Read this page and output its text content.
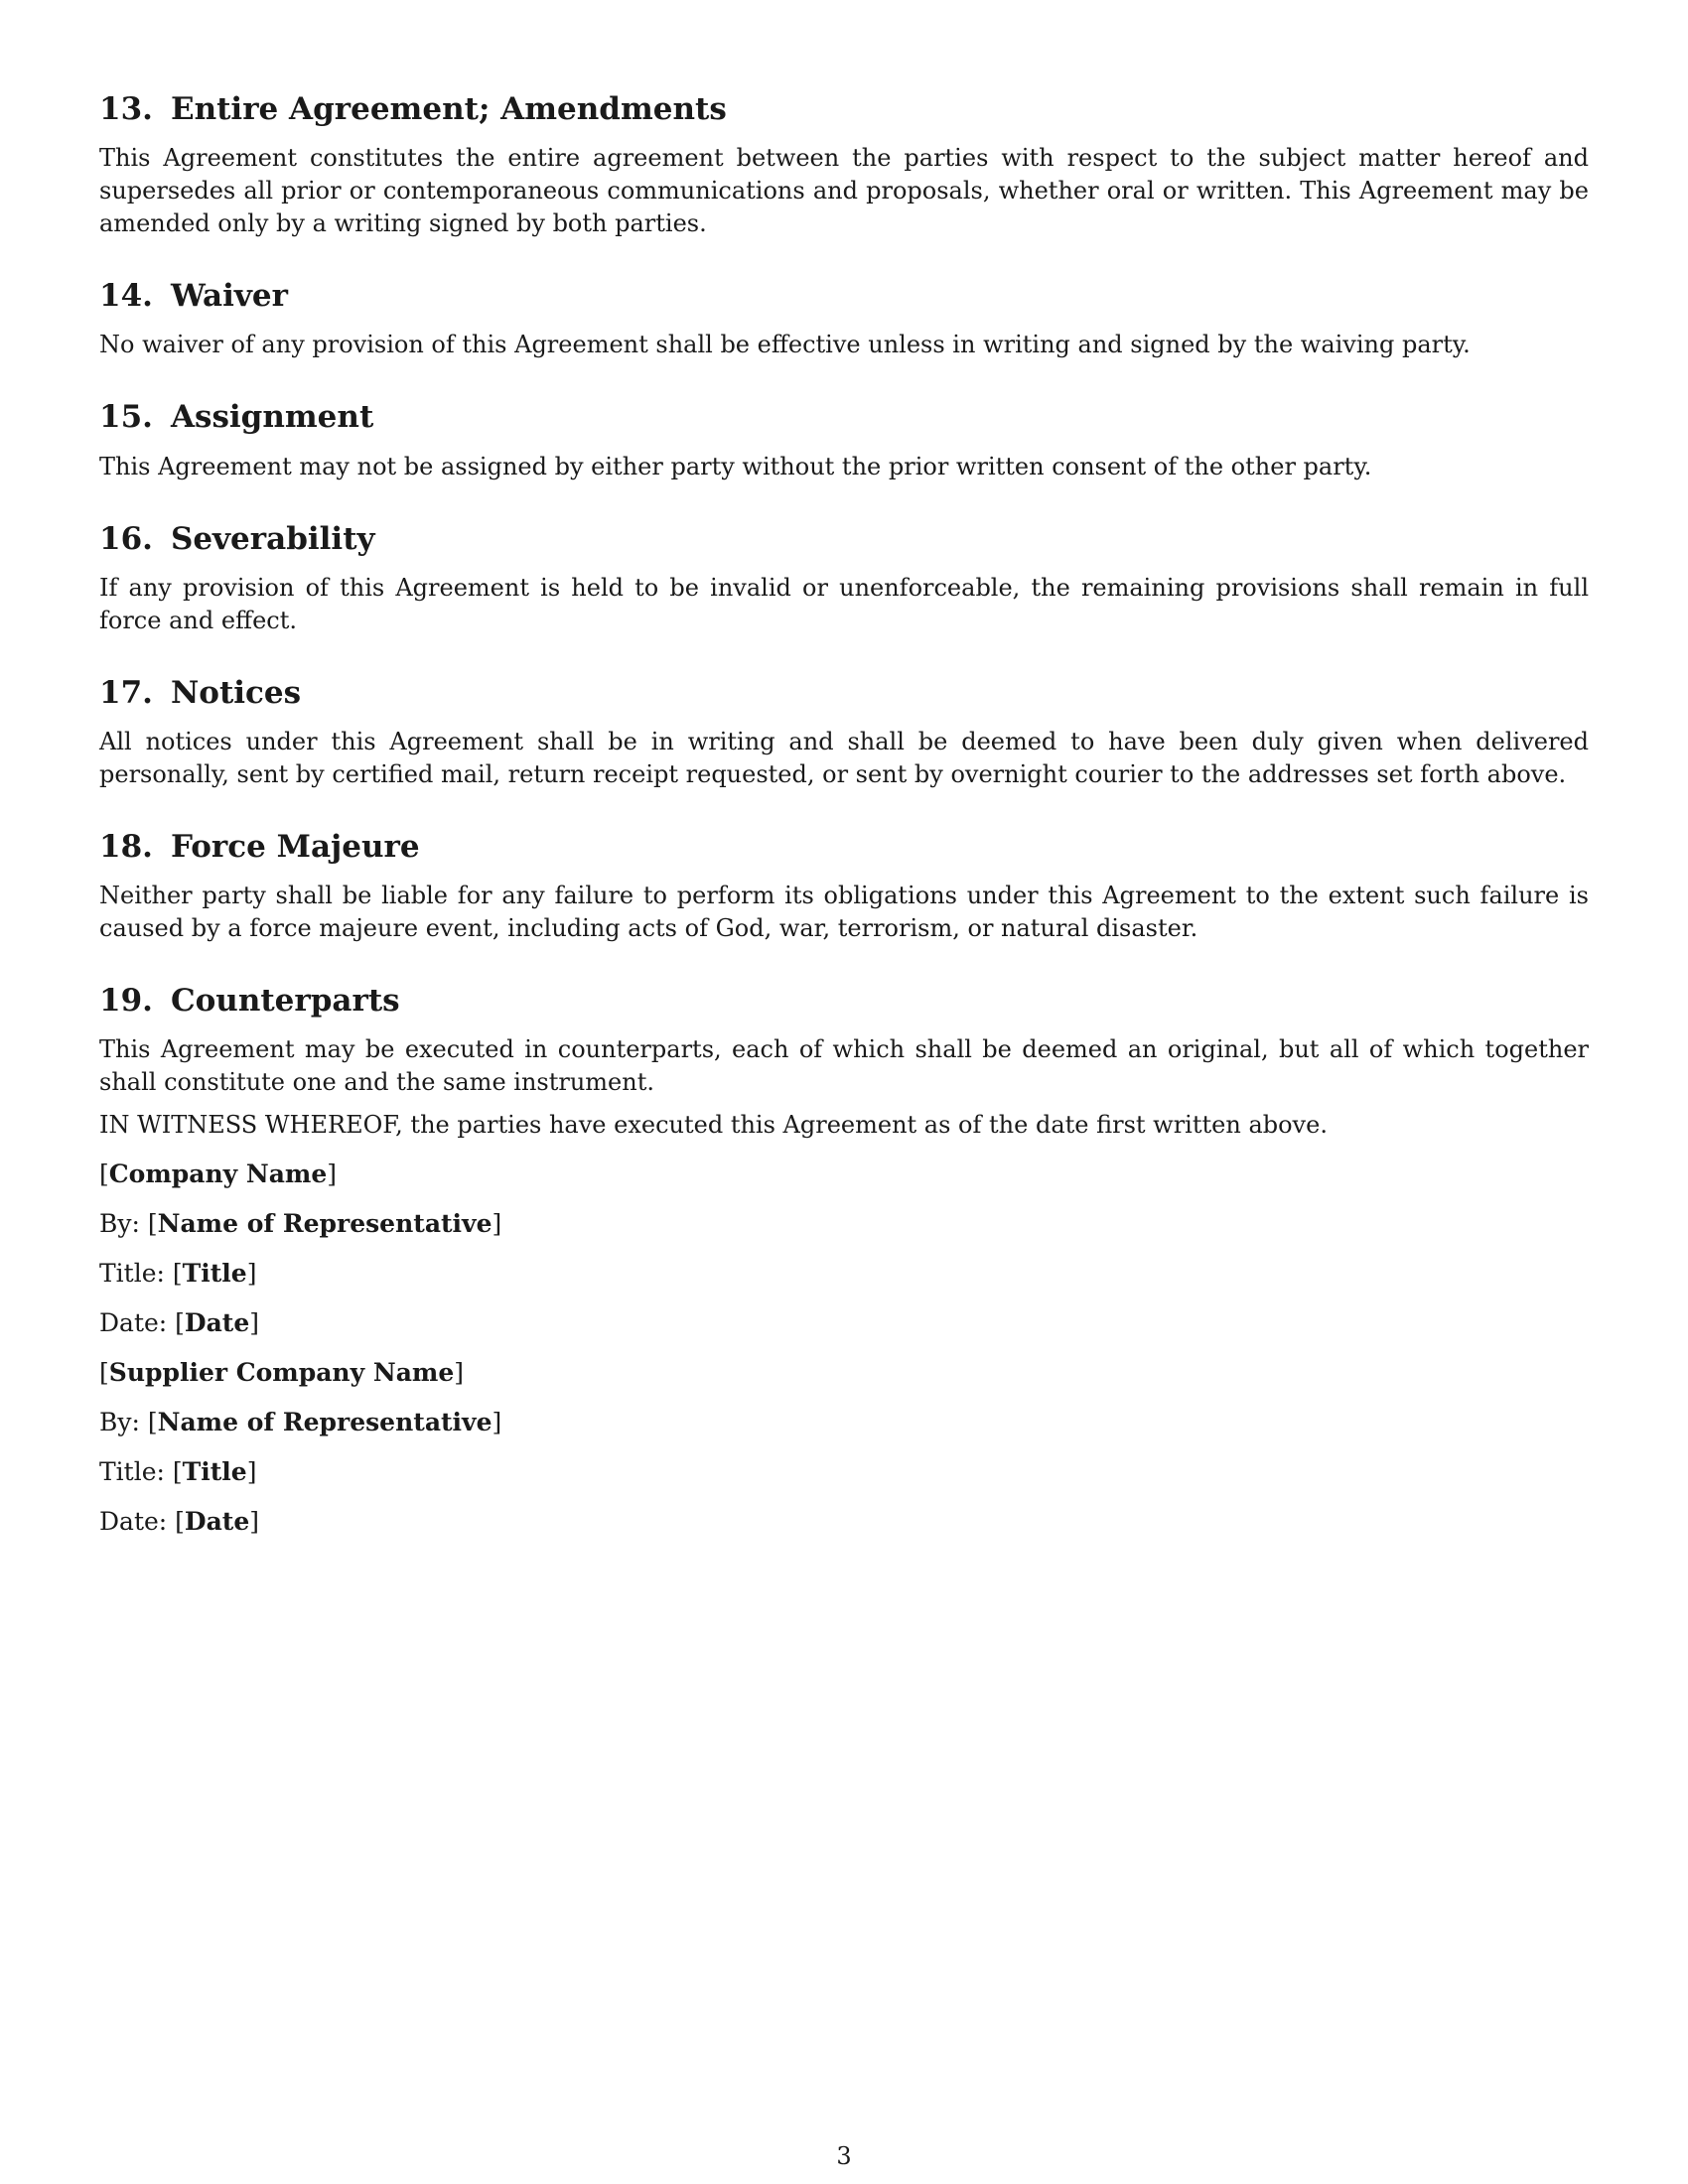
13. Entire Agreement; Amendments

This Agreement constitutes the entire agreement between the parties with respect to the subject matter hereof and supersedes all prior or contemporaneous communications and proposals, whether oral or written. This Agreement may be amended only by a writing signed by both parties.

14. Waiver

No waiver of any provision of this Agreement shall be effective unless in writing and signed by the waiving party.

15. Assignment

This Agreement may not be assigned by either party without the prior written consent of the other party.

16. Severability

If any provision of this Agreement is held to be invalid or unenforceable, the remaining provisions shall remain in full force and effect.

17. Notices

All notices under this Agreement shall be in writing and shall be deemed to have been duly given when delivered personally, sent by certified mail, return receipt requested, or sent by overnight courier to the addresses set forth above.

18. Force Majeure

Neither party shall be liable for any failure to perform its obligations under this Agreement to the extent such failure is caused by a force majeure event, including acts of God, war, terrorism, or natural disaster.

19. Counterparts

This Agreement may be executed in counterparts, each of which shall be deemed an original, but all of which together shall constitute one and the same instrument.

IN WITNESS WHEREOF, the parties have executed this Agreement as of the date first written above.

[Company Name]

By: [Name of Representative]

Title: [Title]

Date: [Date]

[Supplier Company Name]

By: [Name of Representative]

Title: [Title]

Date: [Date]

3
